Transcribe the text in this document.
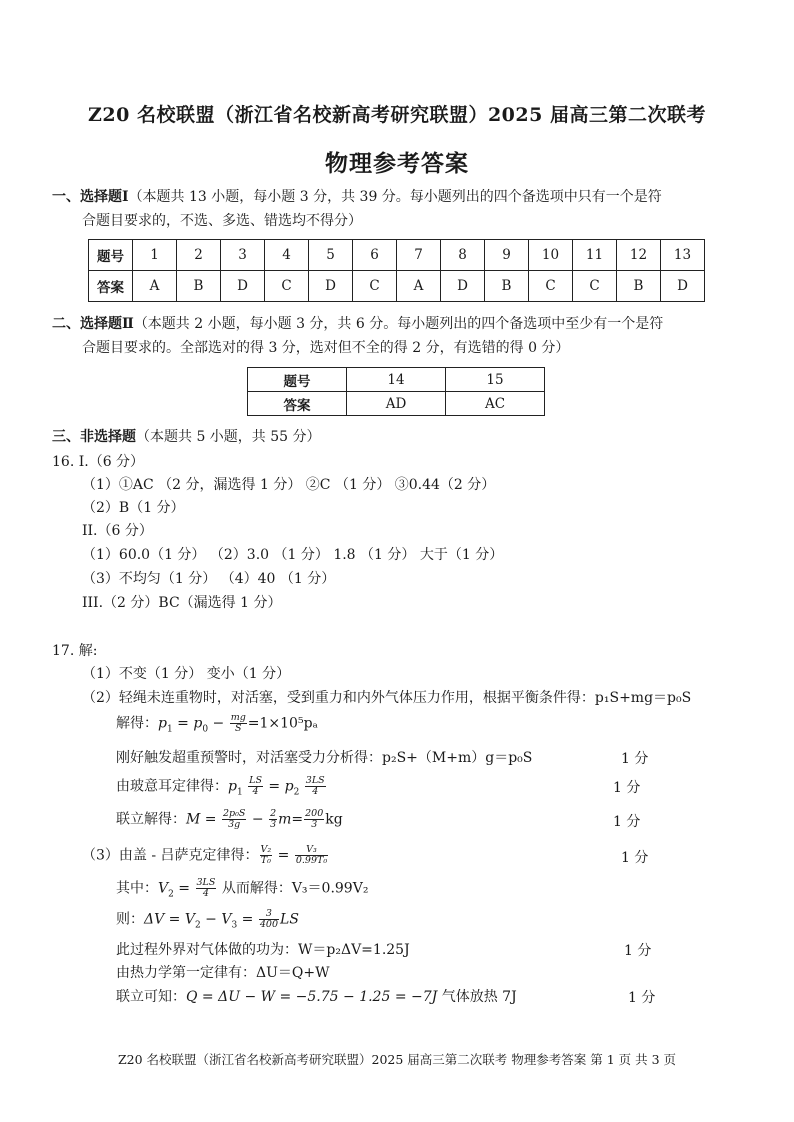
Z20 名校联盟（浙江省名校新高考研究联盟）2025 届高三第二次联考
物理参考答案
一、选择题Ⅰ（本题共 13 小题，每小题 3 分，共 39 分。每小题列出的四个备选项中只有一个是符
合题目要求的，不选、多选、错选均不得分）
题号	1	2	3	4	5	6	7	8	9	10	11	12	13
答案	A	B	D	C	D	C	A	D	B	C	C	B	D
二、选择题Ⅱ（本题共 2 小题，每小题 3 分，共 6 分。每小题列出的四个备选项中至少有一个是符
合题目要求的。全部选对的得 3 分，选对但不全的得 2 分，有选错的得 0 分）
题号	14	15
答案	AD	AC
三、非选择题（本题共 5 小题，共 55 分）
16. I.（6 分）
（1）①AC （2 分，漏选得 1 分） ②C （1 分） ③0.44（2 分）
（2）B（1 分）
II.（6 分）
（1）60.0（1 分） （2）3.0 （1 分） 1.8 （1 分） 大于（1 分）
（3）不均匀（1 分） （4）40 （1 分）
III.（2 分）BC（漏选得 1 分）
17. 解:
（1）不变（1 分） 变小（1 分）
（2）轻绳未连重物时，对活塞，受到重力和内外气体压力作用，根据平衡条件得：p₁S+mg＝p₀S
解得：$p_1 = p_0 - \frac{mg}{S} =1\times 10^5p_a$
刚好触发超重预警时，对活塞受力分析得：p₂S+（M+m）g＝p₀S	1 分
由玻意耳定律得：$p_1 \frac{LS}{4} = p_2 \frac{3LS}{4}$	1 分
联立解得：$M = \frac{\text{2p₀S}}{3g} - \frac{2}{3} m= \frac{200}{3}$ kg	1 分
（3）由盖 - 吕萨克定律得： $\frac{\text{V₂}}{\text{T₀}} = \frac{\text{V₃}}{\text{0.99T₀}}$	1 分
其中：$V_2 = \frac{3LS}{4}$ 从而解得：V₃＝0.99V₂
则：$\Delta V = V_2 - V_3 = \frac{3}{400}$ LS
此过程外界对气体做的功为：W＝p₂ΔV=1.25J	1 分
由热力学第一定律有：ΔU＝Q+W
联立可知：Q = ΔU − W = −5.75 − 1.25 = −7J 气体放热 7J	1 分
Z20 名校联盟（浙江省名校新高考研究联盟）2025 届高三第二次联考 物理参考答案 第 1 页 共 3 页
